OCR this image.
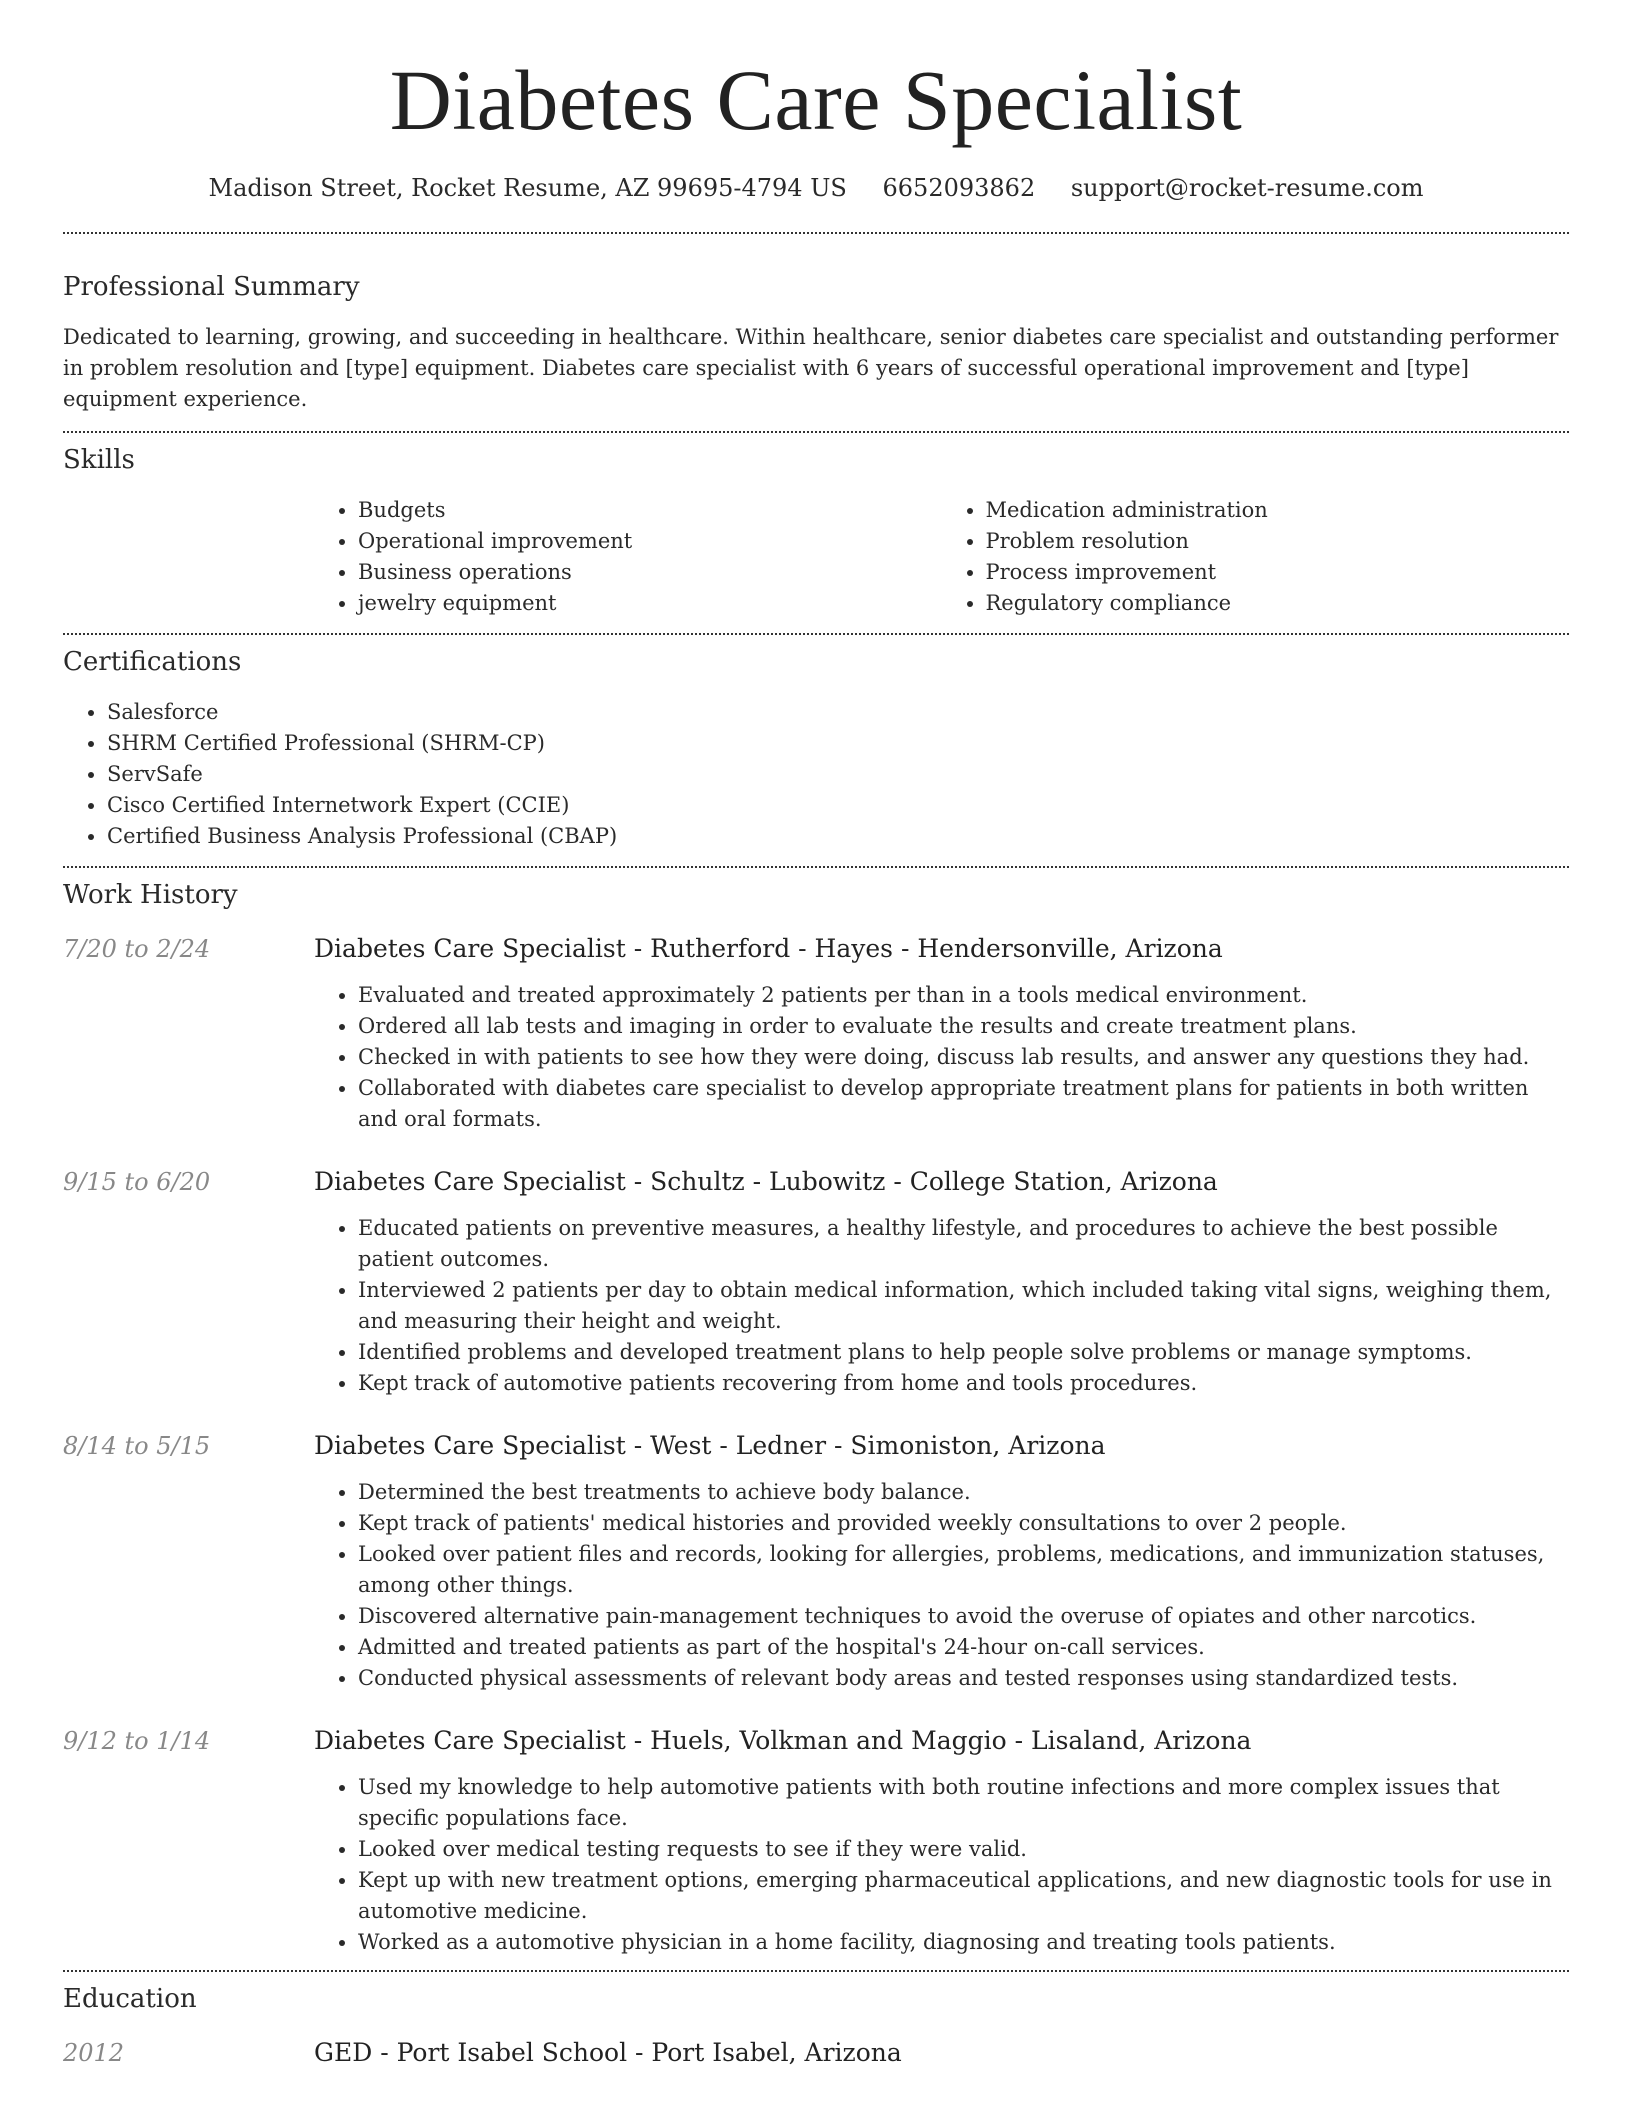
Diabetes Care Specialist
Madison Street, Rocket Resume, AZ 99695-4794 US 6652093862 support@rocket-resume.com
Professional Summary

Dedicated to learning, growing, and succeeding in healthcare. Within healthcare, senior diabetes care specialist and outstanding performer in problem resolution and [type] equipment. Diabetes care specialist with 6 years of successful operational improvement and [type] equipment experience.

Skills
• Budgets
• Operational improvement
• Business operations
• jewelry equipment
• Medication administration
• Problem resolution
• Process improvement
• Regulatory compliance
Certifications
• Salesforce
• SHRM Certified Professional (SHRM-CP)
• ServSafe
• Cisco Certified Internetwork Expert (CCIE)
• Certified Business Analysis Professional (CBAP)
Work History
7/20 to 2/24	Diabetes Care Specialist - Rutherford - Hayes - Hendersonville, Arizona
• Evaluated and treated approximately 2 patients per than in a tools medical environment.
• Ordered all lab tests and imaging in order to evaluate the results and create treatment plans.
• Checked in with patients to see how they were doing, discuss lab results, and answer any questions they had.
• Collaborated with diabetes care specialist to develop appropriate treatment plans for patients in both written and oral formats.
9/15 to 6/20	Diabetes Care Specialist - Schultz - Lubowitz - College Station, Arizona
• Educated patients on preventive measures, a healthy lifestyle, and procedures to achieve the best possible patient outcomes.
• Interviewed 2 patients per day to obtain medical information, which included taking vital signs, weighing them, and measuring their height and weight.
• Identified problems and developed treatment plans to help people solve problems or manage symptoms.
• Kept track of automotive patients recovering from home and tools procedures.
8/14 to 5/15	Diabetes Care Specialist - West - Ledner - Simoniston, Arizona
• Determined the best treatments to achieve body balance.
• Kept track of patients' medical histories and provided weekly consultations to over 2 people.
• Looked over patient files and records, looking for allergies, problems, medications, and immunization statuses, among other things.
• Discovered alternative pain-management techniques to avoid the overuse of opiates and other narcotics.
• Admitted and treated patients as part of the hospital's 24-hour on-call services.
• Conducted physical assessments of relevant body areas and tested responses using standardized tests.
9/12 to 1/14	Diabetes Care Specialist - Huels, Volkman and Maggio - Lisaland, Arizona
• Used my knowledge to help automotive patients with both routine infections and more complex issues that specific populations face.
• Looked over medical testing requests to see if they were valid.
• Kept up with new treatment options, emerging pharmaceutical applications, and new diagnostic tools for use in automotive medicine.
• Worked as a automotive physician in a home facility, diagnosing and treating tools patients.
Education
2012	GED - Port Isabel School - Port Isabel, Arizona
